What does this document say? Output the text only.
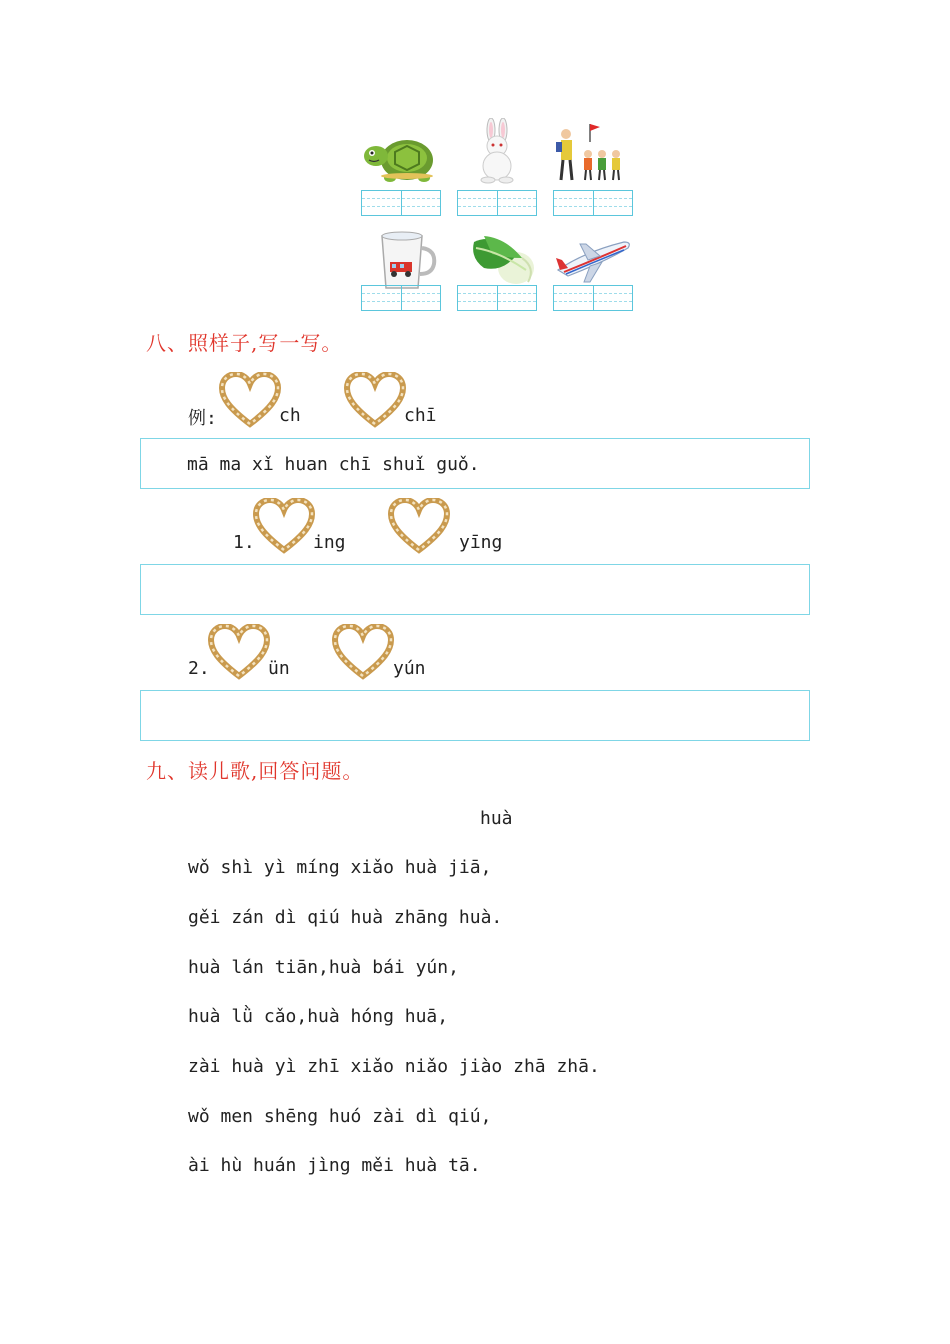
八、照样子,写一写。
例:	ch	chī
mā ma xǐ huan chī shuǐ guǒ.
1.	ing	yīng
2.	ün	yún
九、读儿歌,回答问题。
huà
wǒ shì yì míng xiǎo huà jiā,
gěi zán dì qiú huà zhāng huà.
huà lán tiān,huà bái yún,
huà lǜ cǎo,huà hóng huā,
zài huà yì zhī xiǎo niǎo jiào zhā zhā.
wǒ men shēng huó zài dì qiú,
ài hù huán jìng měi huà tā.
